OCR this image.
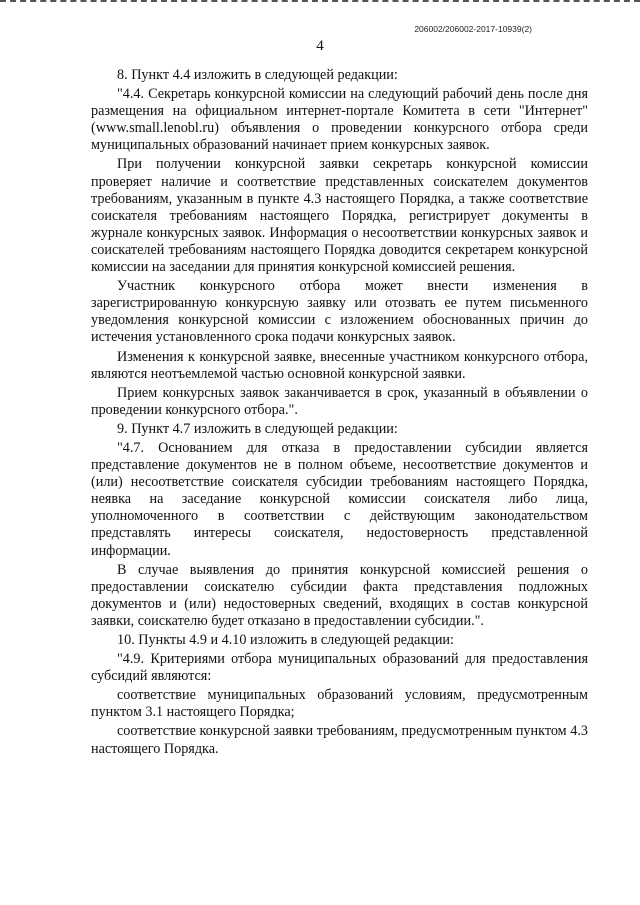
206002/206002-2017-10939(2)
4

8. Пункт 4.4 изложить в следующей редакции:

"4.4. Секретарь конкурсной комиссии на следующий рабочий день после дня размещения на официальном интернет-портале Комитета в сети "Интернет" (www.small.lenobl.ru) объявления о проведении конкурсного отбора среди муниципальных образований начинает прием конкурсных заявок.

При получении конкурсной заявки секретарь конкурсной комиссии проверяет наличие и соответствие представленных соискателем документов требованиям, указанным в пункте 4.3 настоящего Порядка, а также соответствие соискателя требованиям настоящего Порядка, регистрирует документы в журнале конкурсных заявок. Информация о несоответствии конкурсных заявок и соискателей требованиям настоящего Порядка доводится секретарем конкурсной комиссии на заседании для принятия конкурсной комиссией решения.

Участник конкурсного отбора может внести изменения в зарегистрированную конкурсную заявку или отозвать ее путем письменного уведомления конкурсной комиссии с изложением обоснованных причин до истечения установленного срока подачи конкурсных заявок.

Изменения к конкурсной заявке, внесенные участником конкурсного отбора, являются неотъемлемой частью основной конкурсной заявки.

Прием конкурсных заявок заканчивается в срок, указанный в объявлении о проведении конкурсного отбора.".

9. Пункт 4.7 изложить в следующей редакции:

"4.7. Основанием для отказа в предоставлении субсидии является представление документов не в полном объеме, несоответствие документов и (или) несоответствие соискателя субсидии требованиям настоящего Порядка, неявка на заседание конкурсной комиссии соискателя либо лица, уполномоченного в соответствии с действующим законодательством представлять интересы соискателя, недостоверность представленной информации.

В случае выявления до принятия конкурсной комиссией решения о предоставлении соискателю субсидии факта представления подложных документов и (или) недостоверных сведений, входящих в состав конкурсной заявки, соискателю будет отказано в предоставлении субсидии.".

10. Пункты 4.9 и 4.10 изложить в следующей редакции:

"4.9. Критериями отбора муниципальных образований для предоставления субсидий являются:

соответствие муниципальных образований условиям, предусмотренным пунктом 3.1 настоящего Порядка;

соответствие конкурсной заявки требованиям, предусмотренным пунктом 4.3 настоящего Порядка.
